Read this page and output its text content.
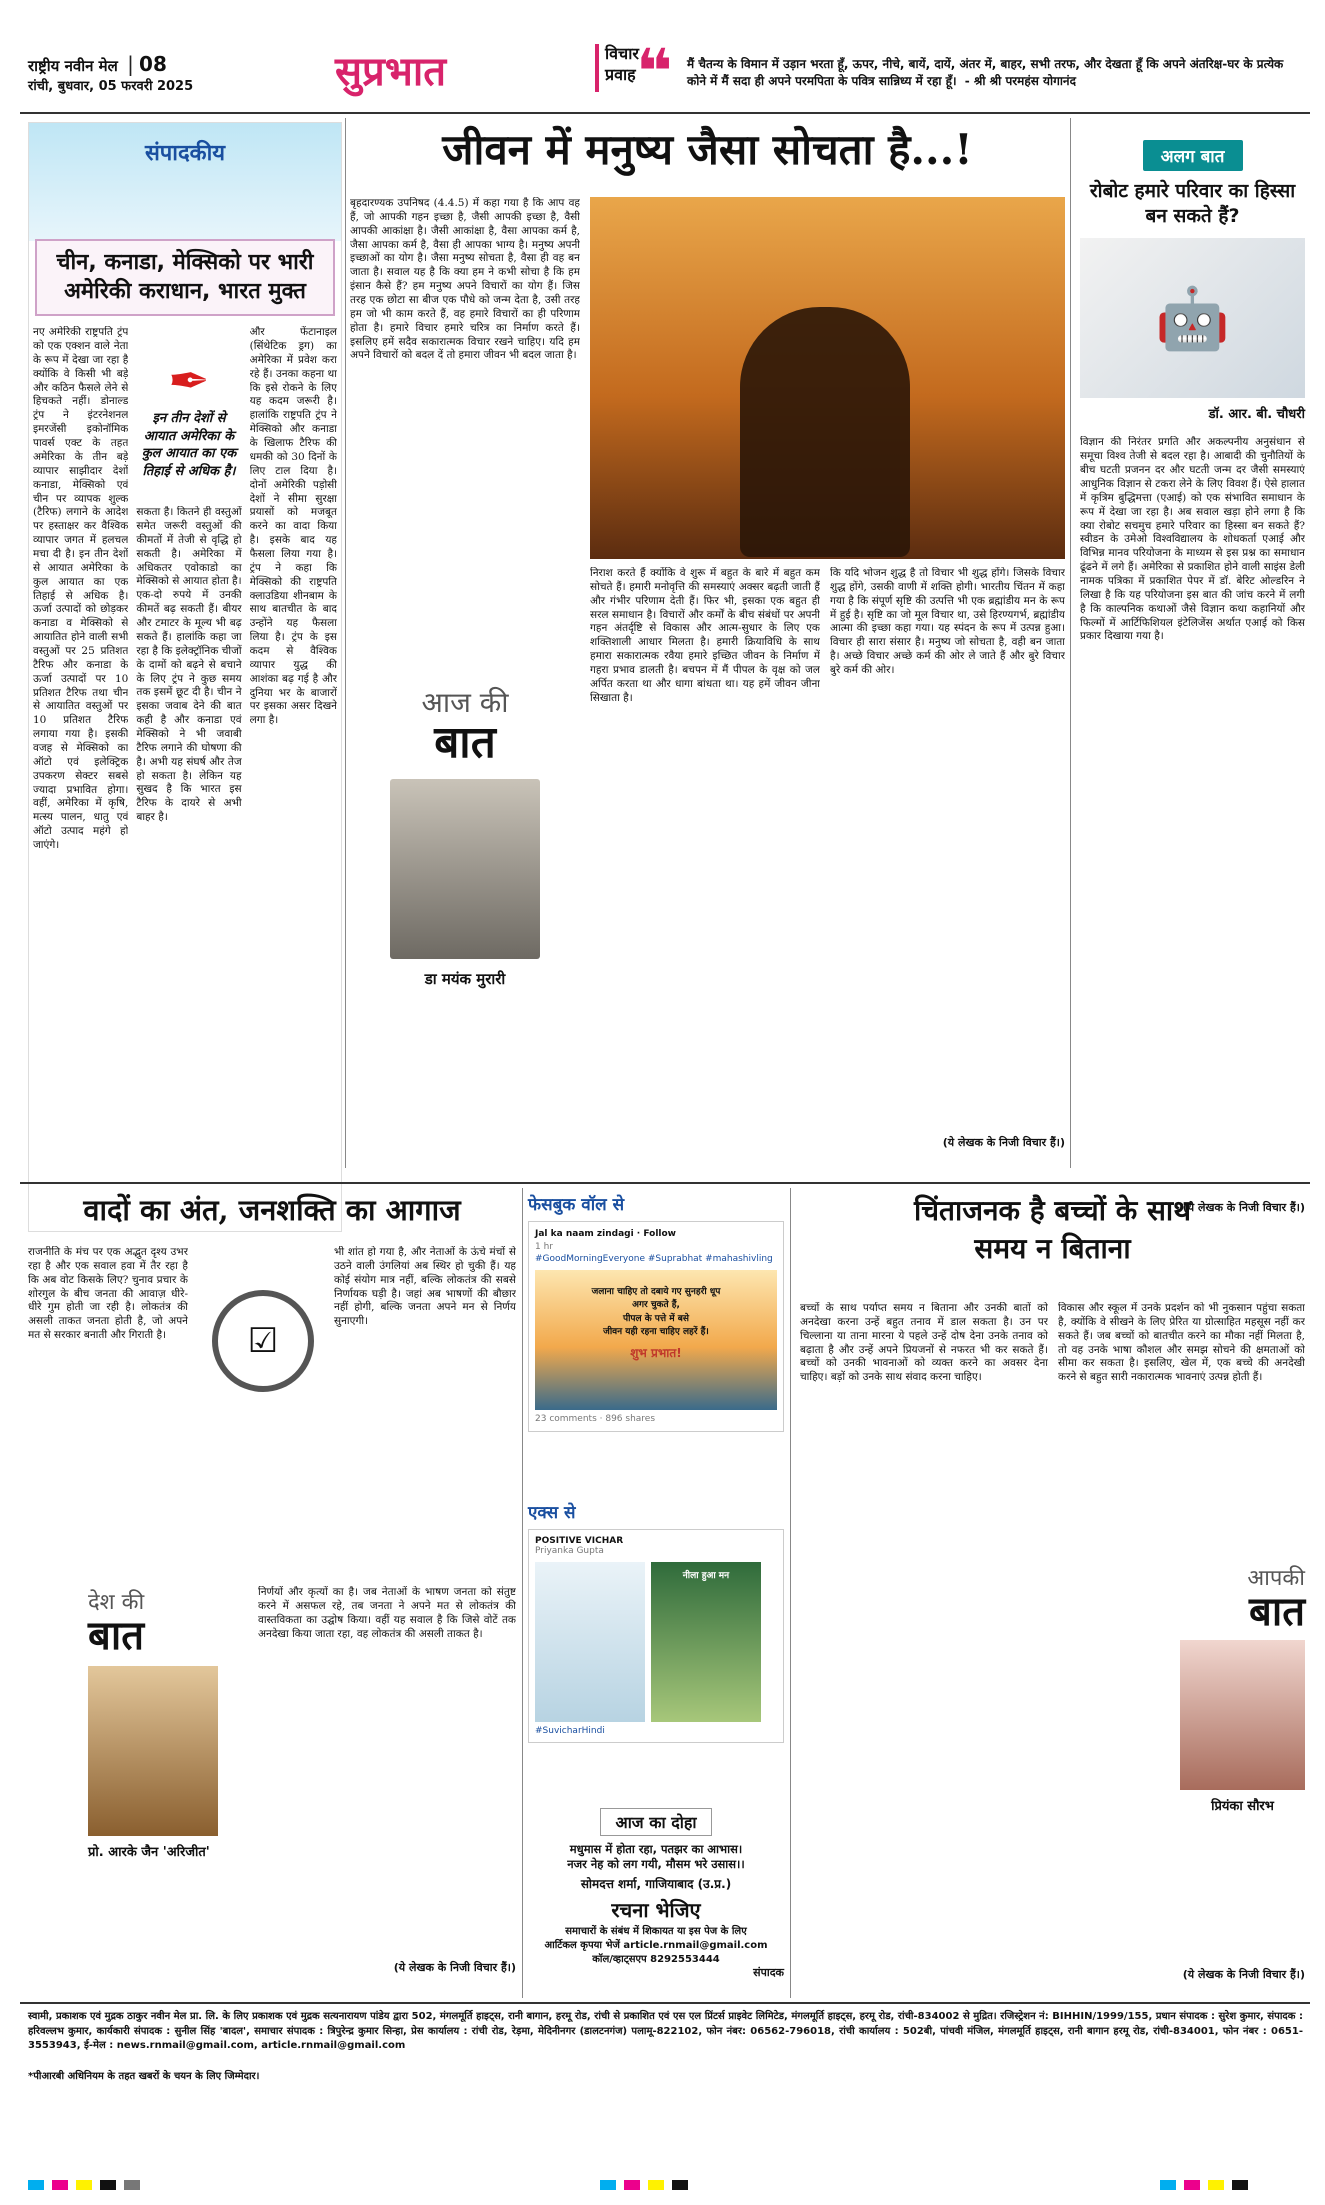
राष्ट्रीय नवीन मेल | 08
रांची, बुधवार, 05 फरवरी 2025	सुप्रभात	विचार प्रवाह ❝ मैं चैतन्य के विमान में उड़ान भरता हूँ, ऊपर, नीचे, बायें, दायें, अंतर में, बाहर, सभी तरफ, और देखता हूँ कि अपने अंतरिक्ष-घर के प्रत्येक कोने में मैं सदा ही अपने परमपिता के पवित्र सान्निध्य में रहा हूँ। - श्री श्री परमहंस योगानंद
संपादकीय
चीन, कनाडा, मेक्सिको पर भारी अमेरिकी कराधान, भारत मुक्त
नए अमेरिकी राष्ट्रपति ट्रंप को एक एक्शन वाले नेता के रूप में देखा जा रहा है क्योंकि वे किसी भी बड़े और कठिन फैसले लेने से हिचकते नहीं। डोनाल्ड ट्रंप ने इंटरनेशनल इमरजेंसी इकोनॉमिक पावर्स एक्ट के तहत अमेरिका के तीन बड़े व्यापार साझीदार देशों कनाडा, मेक्सिको एवं चीन पर व्यापक शुल्क (टैरिफ) लगाने के आदेश पर हस्ताक्षर कर वैश्विक व्यापार जगत में हलचल मचा दी है। इन तीन देशों से आयात अमेरिका के कुल आयात का एक तिहाई से अधिक है। ऊर्जा उत्पादों को छोड़कर कनाडा व मेक्सिको से आयातित होने वाली सभी वस्तुओं पर 25 प्रतिशत टैरिफ और कनाडा के ऊर्जा उत्पादों पर 10 प्रतिशत टैरिफ तथा चीन से आयातित वस्तुओं पर 10 प्रतिशत टैरिफ लगाया गया है। इसकी वजह से मेक्सिको का ऑटो एवं इलेक्ट्रिक उपकरण सेक्टर सबसे ज्यादा प्रभावित होगा। वहीं, अमेरिका में कृषि, मत्स्य पालन, धातु एवं ऑटो उत्पाद महंगे हो जाएंगे।
✒
इन तीन देशों से आयात अमेरिका के कुल आयात का एक तिहाई से अधिक है।
सकता है। कितने ही वस्तुओं समेत जरूरी वस्तुओं की कीमतों में तेजी से वृद्धि हो सकती है। अमेरिका में अधिकतर एवोकाडो का मेक्सिको से आयात होता है। एक-दो रुपये में उनकी कीमतें बढ़ सकती हैं। बीयर और टमाटर के मूल्य भी बढ़ सकते हैं। हालांकि कहा जा रहा है कि इलेक्ट्रॉनिक चीजों के दामों को बढ़ने से बचाने के लिए ट्रंप ने कुछ समय तक इसमें छूट दी है। चीन ने इसका जवाब देने की बात कही है और कनाडा एवं मेक्सिको ने भी जवाबी टैरिफ लगाने की घोषणा की है। अभी यह संघर्ष और तेज हो सकता है। लेकिन यह सुखद है कि भारत इस टैरिफ के दायरे से अभी बाहर है।
और फेंटानाइल (सिंथेटिक ड्रग) का अमेरिका में प्रवेश करा रहे हैं। उनका कहना था कि इसे रोकने के लिए यह कदम जरूरी है। हालांकि राष्ट्रपति ट्रंप ने मेक्सिको और कनाडा के खिलाफ टैरिफ की धमकी को 30 दिनों के लिए टाल दिया है। दोनों अमेरिकी पड़ोसी देशों ने सीमा सुरक्षा प्रयासों को मजबूत करने का वादा किया है। इसके बाद यह फैसला लिया गया है। ट्रंप ने कहा कि मेक्सिको की राष्ट्रपति क्लाउडिया शीनबाम के साथ बातचीत के बाद उन्होंने यह फैसला लिया है। ट्रंप के इस कदम से वैश्विक व्यापार युद्ध की आशंका बढ़ गई है और दुनिया भर के बाजारों पर इसका असर दिखने लगा है।
जीवन में मनुष्य जैसा सोचता है...!
बृहदारण्यक उपनिषद (4.4.5) में कहा गया है कि आप वह हैं, जो आपकी गहन इच्छा है, जैसी आपकी इच्छा है, वैसी आपकी आकांक्षा है। जैसी आकांक्षा है, वैसा आपका कर्म है, जैसा आपका कर्म है, वैसा ही आपका भाग्य है। मनुष्य अपनी इच्छाओं का योग है। जैसा मनुष्य सोचता है, वैसा ही वह बन जाता है। सवाल यह है कि क्या हम ने कभी सोचा है कि हम इंसान कैसे हैं? हम मनुष्य अपने विचारों का योग हैं। जिस तरह एक छोटा सा बीज एक पौधे को जन्म देता है, उसी तरह हम जो भी काम करते हैं, वह हमारे विचारों का ही परिणाम होता है। हमारे विचार हमारे चरित्र का निर्माण करते हैं। इसलिए हमें सदैव सकारात्मक विचार रखने चाहिए। यदि हम अपने विचारों को बदल दें तो हमारा जीवन भी बदल जाता है।
निराश करते हैं क्योंकि वे शुरू में बहुत के बारे में बहुत कम सोचते हैं। हमारी मनोवृत्ति की समस्याएं अक्सर बढ़ती जाती हैं और गंभीर परिणाम देती हैं। फिर भी, इसका एक बहुत ही सरल समाधान है। विचारों और कर्मों के बीच संबंधों पर अपनी गहन अंतर्दृष्टि से विकास और आत्म-सुधार के लिए एक शक्तिशाली आधार मिलता है। हमारी क्रियाविधि के साथ हमारा सकारात्मक रवैया हमारे इच्छित जीवन के निर्माण में गहरा प्रभाव डालती है। बचपन में मैं पीपल के वृक्ष को जल अर्पित करता था और धागा बांधता था। यह हमें जीवन जीना सिखाता है।
कि यदि भोजन शुद्ध है तो विचार भी शुद्ध होंगे। जिसके विचार शुद्ध होंगे, उसकी वाणी में शक्ति होगी। भारतीय चिंतन में कहा गया है कि संपूर्ण सृष्टि की उत्पत्ति भी एक ब्रह्मांडीय मन के रूप में हुई है। सृष्टि का जो मूल विचार था, उसे हिरण्यगर्भ, ब्रह्मांडीय आत्मा की इच्छा कहा गया। यह स्पंदन के रूप में उत्पन्न हुआ। विचार ही सारा संसार है। मनुष्य जो सोचता है, वही बन जाता है। अच्छे विचार अच्छे कर्म की ओर ले जाते हैं और बुरे विचार बुरे कर्म की ओर।
आज की
बात
डा मयंक मुरारी
(ये लेखक के निजी विचार हैं।)
अलग बात
रोबोट हमारे परिवार का हिस्सा बन सकते हैं?
🤖
डॉ. आर. बी. चौधरी
विज्ञान की निरंतर प्रगति और अकल्पनीय अनुसंधान से समूचा विश्व तेजी से बदल रहा है। आबादी की चुनौतियों के बीच घटती प्रजनन दर और घटती जन्म दर जैसी समस्याएं आधुनिक विज्ञान से टकरा लेने के लिए विवश हैं। ऐसे हालात में कृत्रिम बुद्धिमत्ता (एआई) को एक संभावित समाधान के रूप में देखा जा रहा है। अब सवाल खड़ा होने लगा है कि क्या रोबोट सचमुच हमारे परिवार का हिस्सा बन सकते हैं? स्वीडन के उमेओ विश्वविद्यालय के शोधकर्ता एआई और विभिन्न मानव परियोजना के माध्यम से इस प्रश्न का समाधान ढूंढने में लगे हैं। अमेरिका से प्रकाशित होने वाली साइंस डेली नामक पत्रिका में प्रकाशित पेपर में डॉ. बेरिट ओल्डरिन ने लिखा है कि यह परियोजना इस बात की जांच करने में लगी है कि काल्पनिक कथाओं जैसे विज्ञान कथा कहानियों और फिल्मों में आर्टिफिशियल इंटेलिजेंस अर्थात एआई को किस प्रकार दिखाया गया है।
(ये लेखक के निजी विचार हैं।)
वादों का अंत, जनशक्ति का आगाज
राजनीति के मंच पर एक अद्भुत दृश्य उभर रहा है और एक सवाल हवा में तैर रहा है कि अब वोट किसके लिए? चुनाव प्रचार के शोरगुल के बीच जनता की आवाज़ धीरे-धीरे गुम होती जा रही है। लोकतंत्र की असली ताकत जनता होती है, जो अपने मत से सरकार बनाती और गिराती है।	☑
भी शांत हो गया है, और नेताओं के ऊंचे मंचों से उठने वाली उंगलियां अब स्थिर हो चुकी हैं। यह कोई संयोग मात्र नहीं, बल्कि लोकतंत्र की सबसे निर्णायक घड़ी है। जहां अब भाषणों की बौछार नहीं होगी, बल्कि जनता अपने मन से निर्णय सुनाएगी।
देश की
बात
प्रो. आरके जैन 'अरिजीत'
निर्णयों और कृत्यों का है। जब नेताओं के भाषण जनता को संतुष्ट करने में असफल रहे, तब जनता ने अपने मत से लोकतंत्र की वास्तविकता का उद्घोष किया। वहीं यह सवाल है कि जिसे वोटें तक अनदेखा किया जाता रहा, वह लोकतंत्र की असली ताकत है।
(ये लेखक के निजी विचार हैं।)
फेसबुक वॉल से
Jal ka naam zindagi · Follow
1 hr
#GoodMorningEveryone #Suprabhat #mahashivling
जलाना चाहिए तो दबाये गए सुनहरी धूप
अगर चुकते हैं,
पीपल के पत्ते में बसे
जीवन यही रहना चाहिए लहरें हैं।
शुभ प्रभात!
23 comments · 896 shares
एक्स से
POSITIVE VICHAR
Priyanka Gupta
नीला हुआ मन
#SuvicharHindi
आज का दोहा
मधुमास में होता रहा, पतझर का आभास।
नजर नेह को लग गयी, मौसम भरे उसास।।
सोमदत्त शर्मा, गाजियाबाद (उ.प्र.)
रचना भेजिए
समाचारों के संबंध में शिकायत या इस पेज के लिए
आर्टिकल कृपया भेजें article.rnmail@gmail.com
कॉल/व्हाट्सएप 8292553444
संपादक
चिंताजनक है बच्चों के साथ
समय न बिताना
बच्चों के साथ पर्याप्त समय न बिताना और उनकी बातों को अनदेखा करना उन्हें बहुत तनाव में डाल सकता है। उन पर चिल्लाना या ताना मारना ये पहले उन्हें दोष देना उनके तनाव को बढ़ाता है और उन्हें अपने प्रियजनों से नफरत भी कर सकते हैं। बच्चों को उनकी भावनाओं को व्यक्त करने का अवसर देना चाहिए। बड़ों को उनके साथ संवाद करना चाहिए।
विकास और स्कूल में उनके प्रदर्शन को भी नुकसान पहुंचा सकता है, क्योंकि वे सीखने के लिए प्रेरित या ग्रोत्साहित महसूस नहीं कर सकते हैं। जब बच्चों को बातचीत करने का मौका नहीं मिलता है, तो वह उनके भाषा कौशल और समझ सोचने की क्षमताओं को सीमा कर सकता है। इसलिए, खेल में, एक बच्चे की अनदेखी करने से बहुत सारी नकारात्मक भावनाएं उत्पन्न होती हैं।
आपकी
बात
प्रियंका सौरभ
(ये लेखक के निजी विचार हैं।)
स्वामी, प्रकाशक एवं मुद्रक ठाकुर नवीन मेल प्रा. लि. के लिए प्रकाशक एवं मुद्रक सत्यनारायण पांडेय द्वारा 502, मंगलमूर्ति हाइट्स, रानी बागान, हरमू रोड, रांची से प्रकाशित एवं एस एल प्रिंटर्स प्राइवेट लिमिटेड, मंगलमूर्ति हाइट्स, हरमू रोड, रांची-834002 से मुद्रित। रजिस्ट्रेशन नं: BIHHIN/1999/155, प्रधान संपादक : सुरेश कुमार, संपादक : हरिवल्लभ कुमार, कार्यकारी संपादक : सुनील सिंह 'बादल', समाचार संपादक : त्रिपुरेन्द्र कुमार सिन्हा, प्रेस कार्यालय : रांची रोड, रेड़मा, मेदिनीनगर (डालटनगंज) पलामू-822102, फोन नंबर: 06562-796018, रांची कार्यालय : 502बी, पांचवी मंजिल, मंगलमूर्ति हाइट्स, रानी बागान हरमू रोड, रांची-834001, फोन नंबर : 0651-3553943, ई-मेल : news.rnmail@gmail.com, article.rnmail@gmail.com
*पीआरबी अधिनियम के तहत खबरों के चयन के लिए जिम्मेदार।
